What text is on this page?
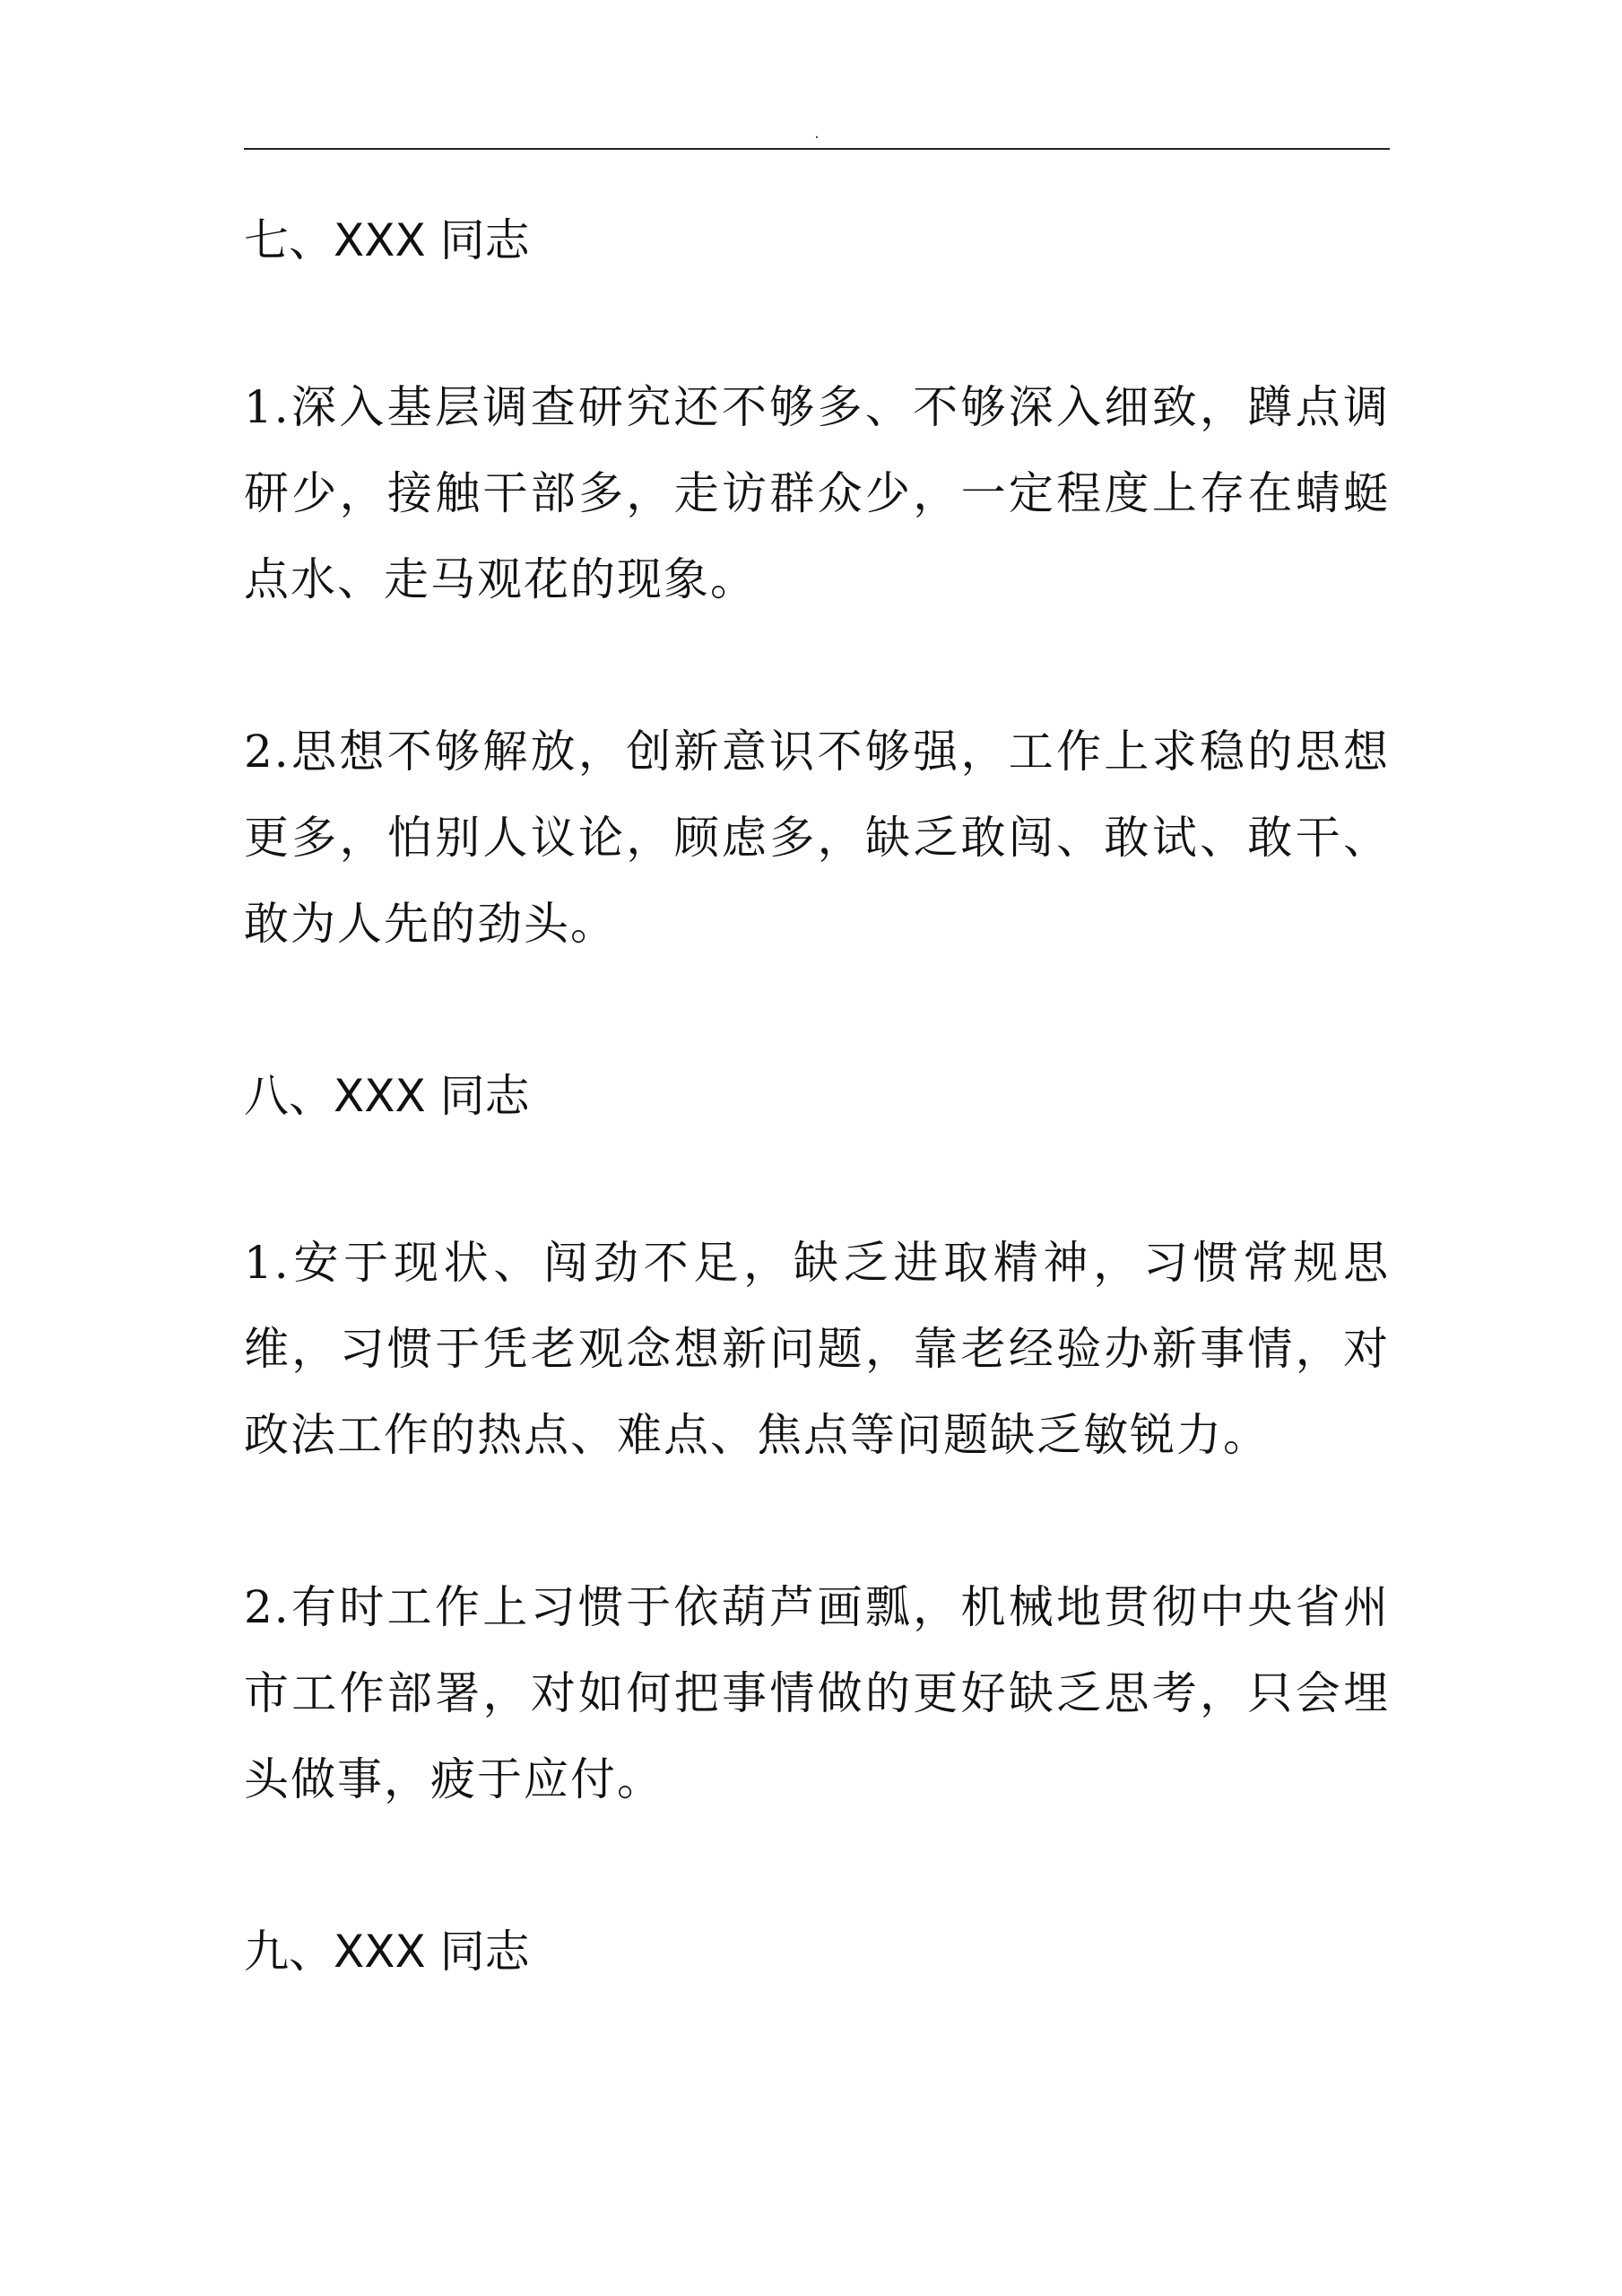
.
七、XXX 同志

1.深入基层调查研究还不够多、不够深入细致，蹲点调研少，接触干部多，走访群众少，一定程度上存在蜻蜓点水、走马观花的现象。

2.思想不够解放，创新意识不够强，工作上求稳的思想更多，怕别人议论，顾虑多，缺乏敢闯、敢试、敢干、敢为人先的劲头。

八、XXX 同志

1.安于现状、闯劲不足，缺乏进取精神，习惯常规思维，习惯于凭老观念想新问题，靠老经验办新事情，对政法工作的热点、难点、焦点等问题缺乏敏锐力。

2.有时工作上习惯于依葫芦画瓢，机械地贯彻中央省州市工作部署，对如何把事情做的更好缺乏思考，只会埋头做事，疲于应付。

九、XXX 同志
